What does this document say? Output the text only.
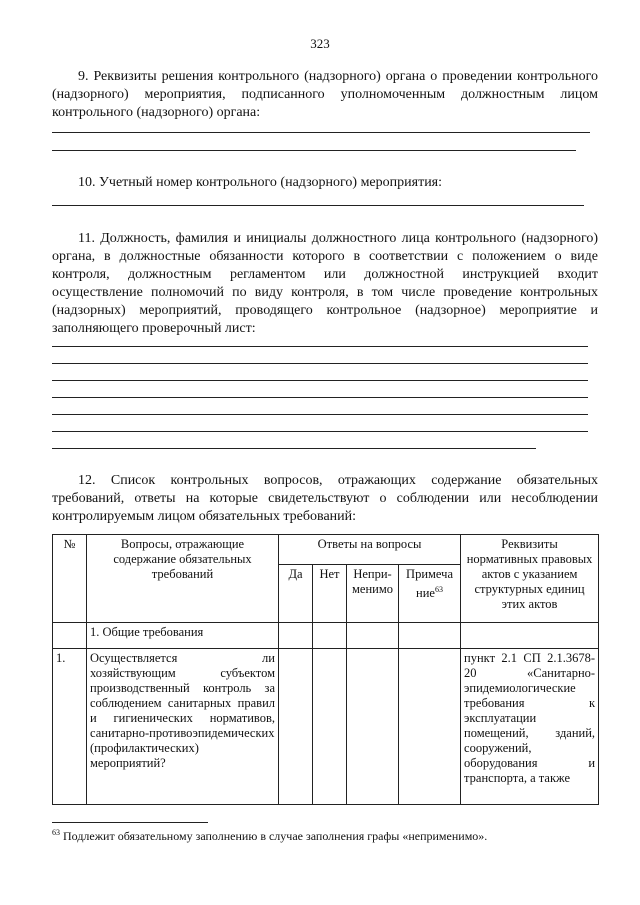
323
9. Реквизиты решения контрольного (надзорного) органа о проведении контрольного (надзорного) мероприятия, подписанного уполномоченным должностным лицом контрольного (надзорного) органа:
10. Учетный номер контрольного (надзорного) мероприятия:
11. Должность, фамилия и инициалы должностного лица контрольного (надзорного) органа, в должностные обязанности которого в соответствии с положением о виде контроля, должностным регламентом или должностной инструкцией входит осуществление полномочий по виду контроля, в том числе проведение контрольных (надзорных) мероприятий, проводящего контрольное (надзорное) мероприятие и заполняющего проверочный лист:
12. Список контрольных вопросов, отражающих содержание обязательных требований, ответы на которые свидетельствуют о соблюдении или несоблюдении контролируемым лицом обязательных требований:
№	Вопросы, отражающие содержание обязательных требований	Ответы на вопросы				Реквизиты нормативных правовых актов с указанием структурных единиц этих актов
		Да	Нет	Непри-менимо	Примеча ние$^{63}$
	1. Общие требования					
1.	Осуществляется ли хозяйствующим субъектом производственный контроль за соблюдением санитарных правил и гигиенических нормативов, санитарно-противоэпидемических (профилактических) мероприятий?					пункт 2.1 СП 2.1.3678-20 «Санитарно-эпидемиологические требования к эксплуатации помещений, зданий, сооружений, оборудования и транспорта, а также
$^{63}$ Подлежит обязательному заполнению в случае заполнения графы «неприменимо».
